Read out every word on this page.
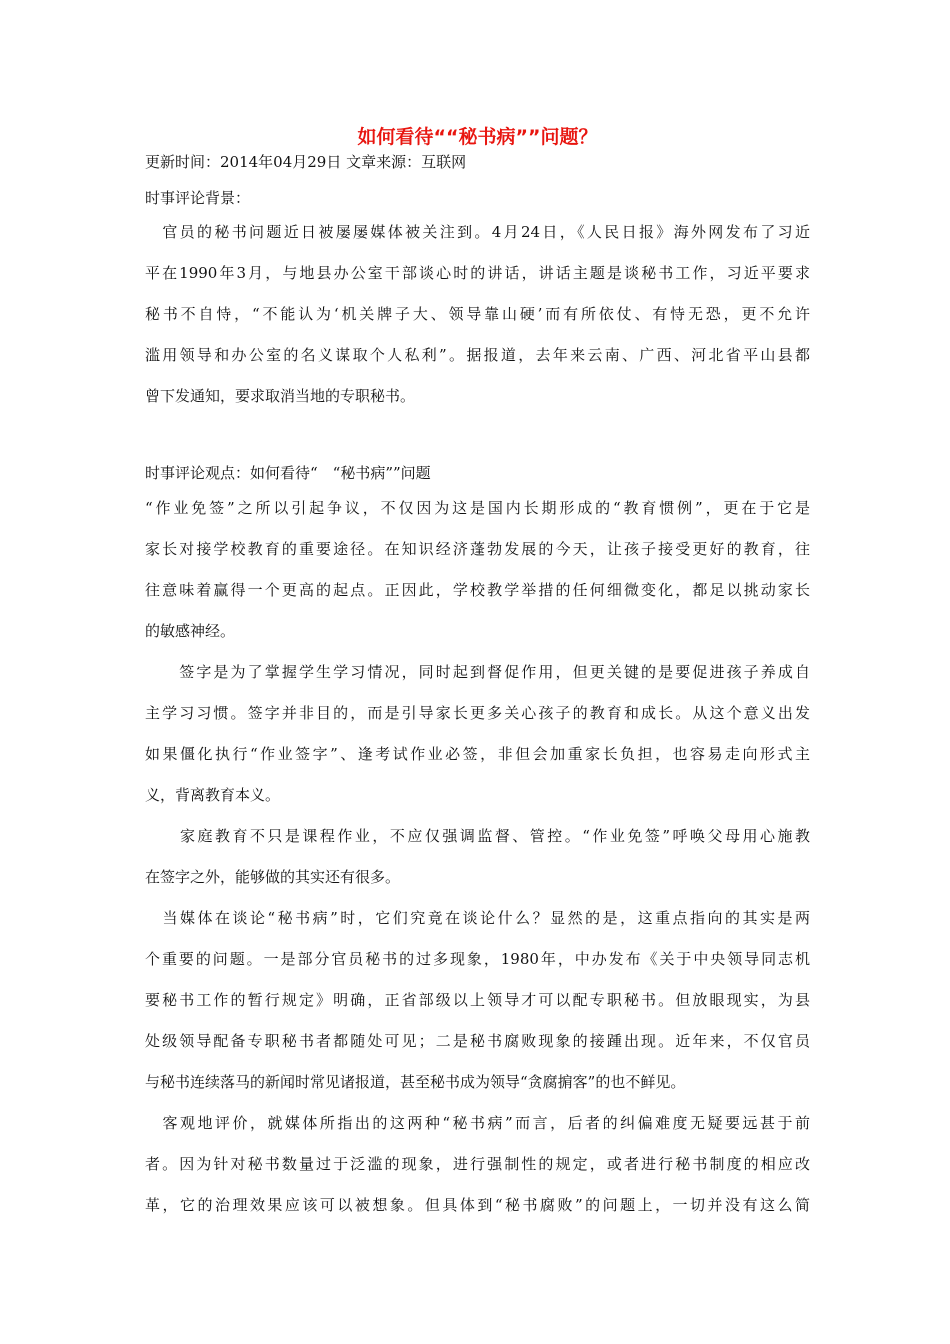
如何看待““秘书病””问题？
更新时间：2014年04月29日 文章来源：互联网
时事评论背景：
　官员的秘书问题近日被屡屡媒体被关注到。4月24日，《人民日报》海外网发布了习近
平在1990年3月，与地县办公室干部谈心时的讲话，讲话主题是谈秘书工作，习近平要求
秘书不自恃，“不能认为‘机关牌子大、领导靠山硬’而有所依仗、有恃无恐，更不允许
滥用领导和办公室的名义谋取个人私利”。据报道，去年来云南、广西、河北省平山县都
曾下发通知，要求取消当地的专职秘书。
时事评论观点：如何看待“　“秘书病””问题
“作业免签”之所以引起争议，不仅因为这是国内长期形成的“教育惯例”，更在于它是
家长对接学校教育的重要途径。在知识经济蓬勃发展的今天，让孩子接受更好的教育，往
往意味着赢得一个更高的起点。正因此，学校教学举措的任何细微变化，都足以挑动家长
的敏感神经。
　　签字是为了掌握学生学习情况，同时起到督促作用，但更关键的是要促进孩子养成自
主学习习惯。签字并非目的，而是引导家长更多关心孩子的教育和成长。从这个意义出发
如果僵化执行“作业签字”、逢考试作业必签，非但会加重家长负担，也容易走向形式主
义，背离教育本义。
　　家庭教育不只是课程作业，不应仅强调监督、管控。“作业免签”呼唤父母用心施教
在签字之外，能够做的其实还有很多。
　当媒体在谈论“秘书病”时，它们究竟在谈论什么？显然的是，这重点指向的其实是两
个重要的问题。一是部分官员秘书的过多现象，1980年，中办发布《关于中央领导同志机
要秘书工作的暂行规定》明确，正省部级以上领导才可以配专职秘书。但放眼现实，为县
处级领导配备专职秘书者都随处可见；二是秘书腐败现象的接踵出现。近年来，不仅官员
与秘书连续落马的新闻时常见诸报道，甚至秘书成为领导“贪腐掮客”的也不鲜见。
　客观地评价，就媒体所指出的这两种“秘书病”而言，后者的纠偏难度无疑要远甚于前
者。因为针对秘书数量过于泛滥的现象，进行强制性的规定，或者进行秘书制度的相应改
革，它的治理效果应该可以被想象。但具体到“秘书腐败”的问题上，一切并没有这么简
